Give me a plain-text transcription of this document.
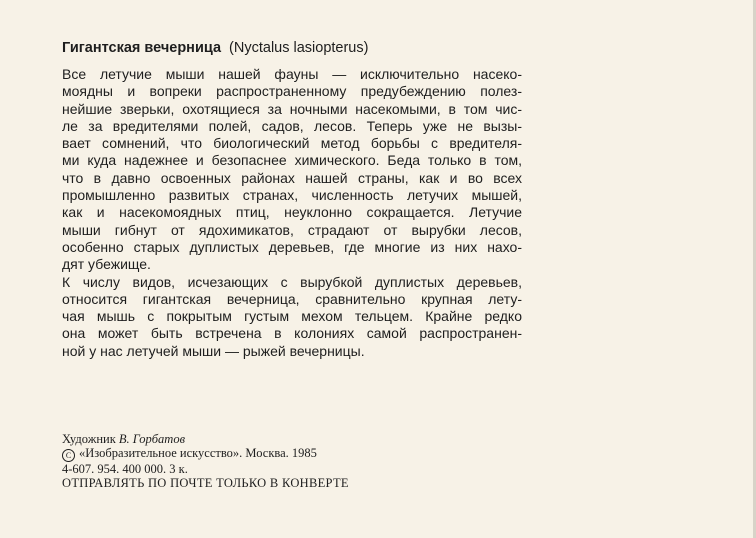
Гигантская вечерница (Nyctalus lasiopterus)
Все летучие мыши нашей фауны — исключительно насеко-
моядны и вопреки распространенному предубеждению полез-
нейшие зверьки, охотящиеся за ночными насекомыми, в том чис-
ле за вредителями полей, садов, лесов. Теперь уже не вызы-
вает сомнений, что биологический метод борьбы с вредителя-
ми куда надежнее и безопаснее химического. Беда только в том,
что в давно освоенных районах нашей страны, как и во всех
промышленно развитых странах, численность летучих мышей,
как и насекомоядных птиц, неуклонно сокращается. Летучие
мыши гибнут от ядохимикатов, страдают от вырубки лесов,
особенно старых дуплистых деревьев, где многие из них нахо-
дят убежище.
К числу видов, исчезающих с вырубкой дуплистых деревьев,
относится гигантская вечерница, сравнительно крупная лету-
чая мышь с покрытым густым мехом тельцем. Крайне редко
она может быть встречена в колониях самой распространен-
ной у нас летучей мыши — рыжей вечерницы.
Художник В. Горбатов
C «Изобразительное искусство». Москва. 1985
4-607. 954. 400 000. 3 к.
ОТПРАВЛЯТЬ ПО ПОЧТЕ ТОЛЬКО В КОНВЕРТЕ
